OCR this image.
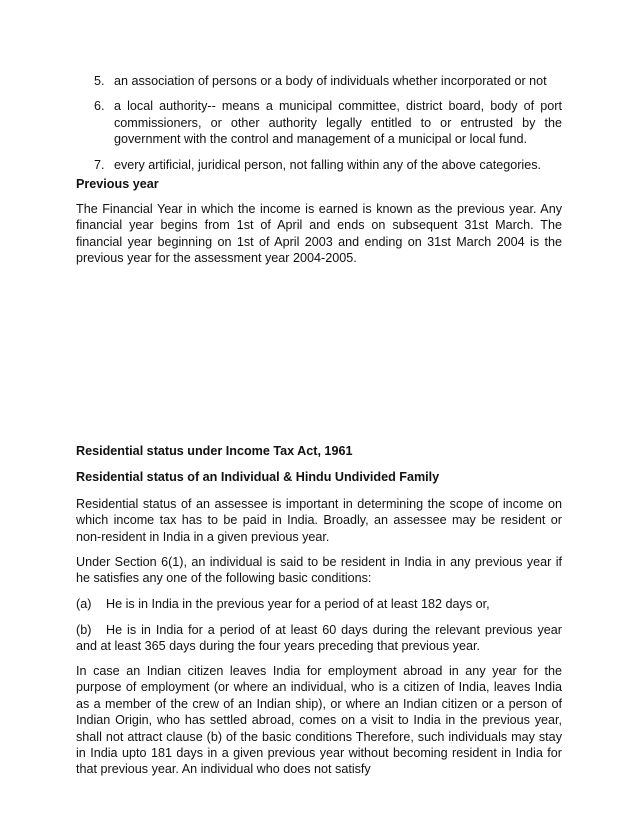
5. an association of persons or a body of individuals whether incorporated or not
6. a local authority-- means a municipal committee, district board, body of port commissioners, or other authority legally entitled to or entrusted by the government with the control and management of a municipal or local fund.
7. every artificial, juridical person, not falling within any of the above categories.

Previous year

The Financial Year in which the income is earned is known as the previous year. Any financial year begins from 1st of April and ends on subsequent 31st March. The financial year beginning on 1st of April 2003 and ending on 31st March 2004 is the previous year for the assessment year 2004-2005.

Residential status under Income Tax Act, 1961

Residential status of an Individual & Hindu Undivided Family

Residential status of an assessee is important in determining the scope of income on which income tax has to be paid in India. Broadly, an assessee may be resident or non-resident in India in a given previous year.

Under Section 6(1), an individual is said to be resident in India in any previous year if he satisfies any one of the following basic conditions:

(a) He is in India in the previous year for a period of at least 182 days or,

(b) He is in India for a period of at least 60 days during the relevant previous year and at least 365 days during the four years preceding that previous year.

In case an Indian citizen leaves India for employment abroad in any year for the purpose of employment (or where an individual, who is a citizen of India, leaves India as a member of the crew of an Indian ship), or where an Indian citizen or a person of Indian Origin, who has settled abroad, comes on a visit to India in the previous year, shall not attract clause (b) of the basic conditions Therefore, such individuals may stay in India upto 181 days in a given previous year without becoming resident in India for that previous year. An individual who does not satisfy
